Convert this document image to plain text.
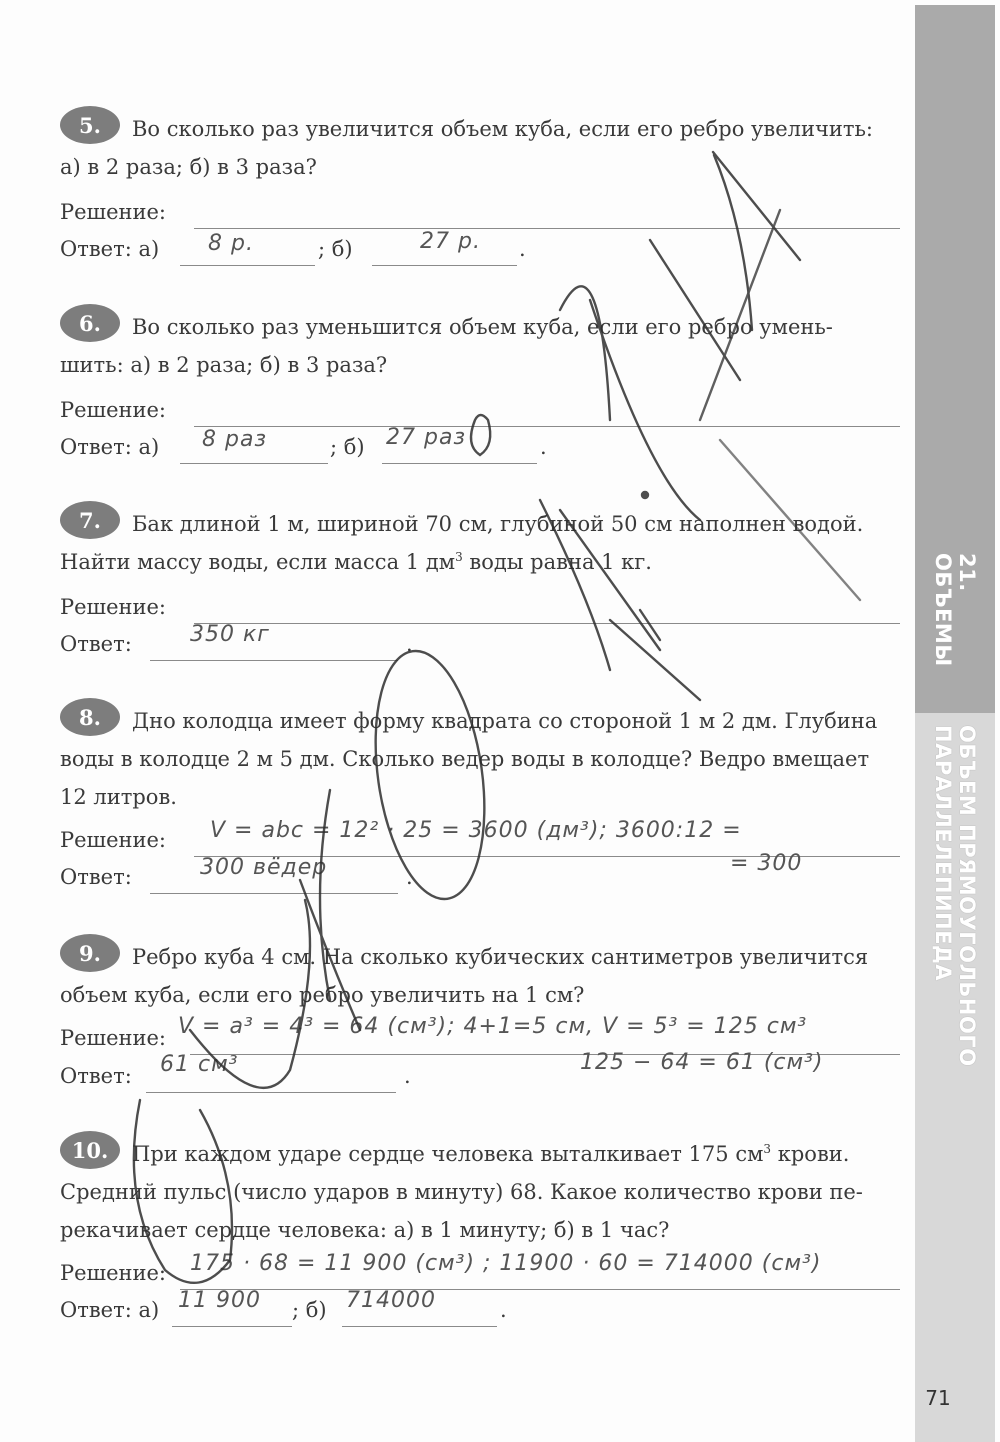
21. ОБЪЕМЫ
ОБЪЕМ ПРЯМОУГОЛЬНОГО ПАРАЛЛЕЛЕПИПЕДА
71
5.	Во сколько раз увеличится объем куба, если его ребро увеличить:
а) в 2 раза; б) в 3 раза?

Решение:
Ответ: а) 8 р.	; б)	27 р. .
6.	Во сколько раз уменьшится объем куба, если его ребро умень-
шить: а) в 2 раза; б) в 3 раза?

Решение:
Ответ: а) 8 раз	; б) 27 раз	.
7.	Бак длиной 1 м, шириной 70 см, глубиной 50 см наполнен водой.
Найти массу воды, если масса 1 $дм^3$ воды равна 1 кг.

Решение:
Ответ:	350 кг	.
8.	Дно колодца имеет форму квадрата со стороной 1 м 2 дм. Глубина
воды в колодце 2 м 5 дм. Сколько ведер воды в колодце? Ведро вмещает
12 литров.

Решение: V = abc = 12² · 25 = 3600 (дм³); 3600:12 =
Ответ:	300 вёдер	.
= 300
9.	Ребро куба 4 см. На сколько кубических сантиметров увеличится
объем куба, если его ребро увеличить на 1 см?

Решение: V = a³ = 4³ = 64 (см³); 4+1=5 см, V = 5³ = 125 см³
Ответ: 61 см³	.
125 − 64 = 61 (см³)
10.	При каждом ударе сердце человека выталкивает 175 $см^3$ крови.
Средний пульс (число ударов в минуту) 68. Какое количество крови пе-
рекачивает сердце человека: а) в 1 минуту; б) в 1 час?

Решение: 175 · 68 = 11 900 (см³) ; 11900 · 60 = 714000 (см³)
Ответ: а) 11 900 ; б) 714000	.
